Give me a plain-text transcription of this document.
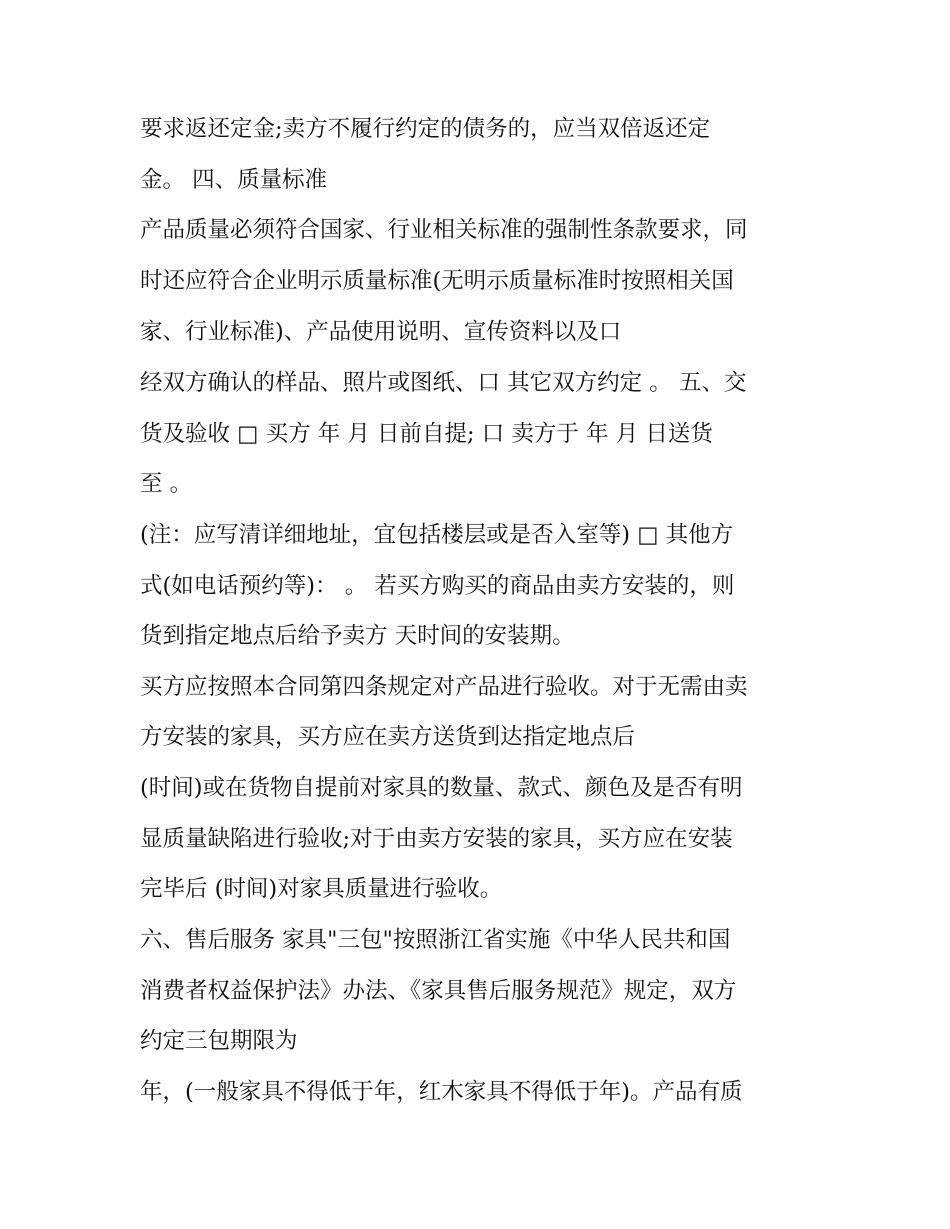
要求返还定金;卖方不履行约定的债务的，应当双倍返还定
金。 四、质量标准
产品质量必须符合国家、行业相关标准的强制性条款要求，同
时还应符合企业明示质量标准(无明示质量标准时按照相关国
家、行业标准)、产品使用说明、宣传资料以及口
经双方确认的样品、照片或图纸、口 其它双方约定 。 五、交
货及验收 □ 买方 年 月 日前自提; 口 卖方于 年 月 日送货
至 。
(注：应写清详细地址，宜包括楼层或是否入室等) □ 其他方
式(如电话预约等)： 。 若买方购买的商品由卖方安装的，则
货到指定地点后给予卖方 天时间的安装期。
买方应按照本合同第四条规定对产品进行验收。对于无需由卖
方安装的家具，买方应在卖方送货到达指定地点后
(时间)或在货物自提前对家具的数量、款式、颜色及是否有明
显质量缺陷进行验收;对于由卖方安装的家具，买方应在安装
完毕后 (时间)对家具质量进行验收。
六、售后服务 家具"三包"按照浙江省实施《中华人民共和国
消费者权益保护法》办法、《家具售后服务规范》规定，双方
约定三包期限为
年，(一般家具不得低于年，红木家具不得低于年)。产品有质
